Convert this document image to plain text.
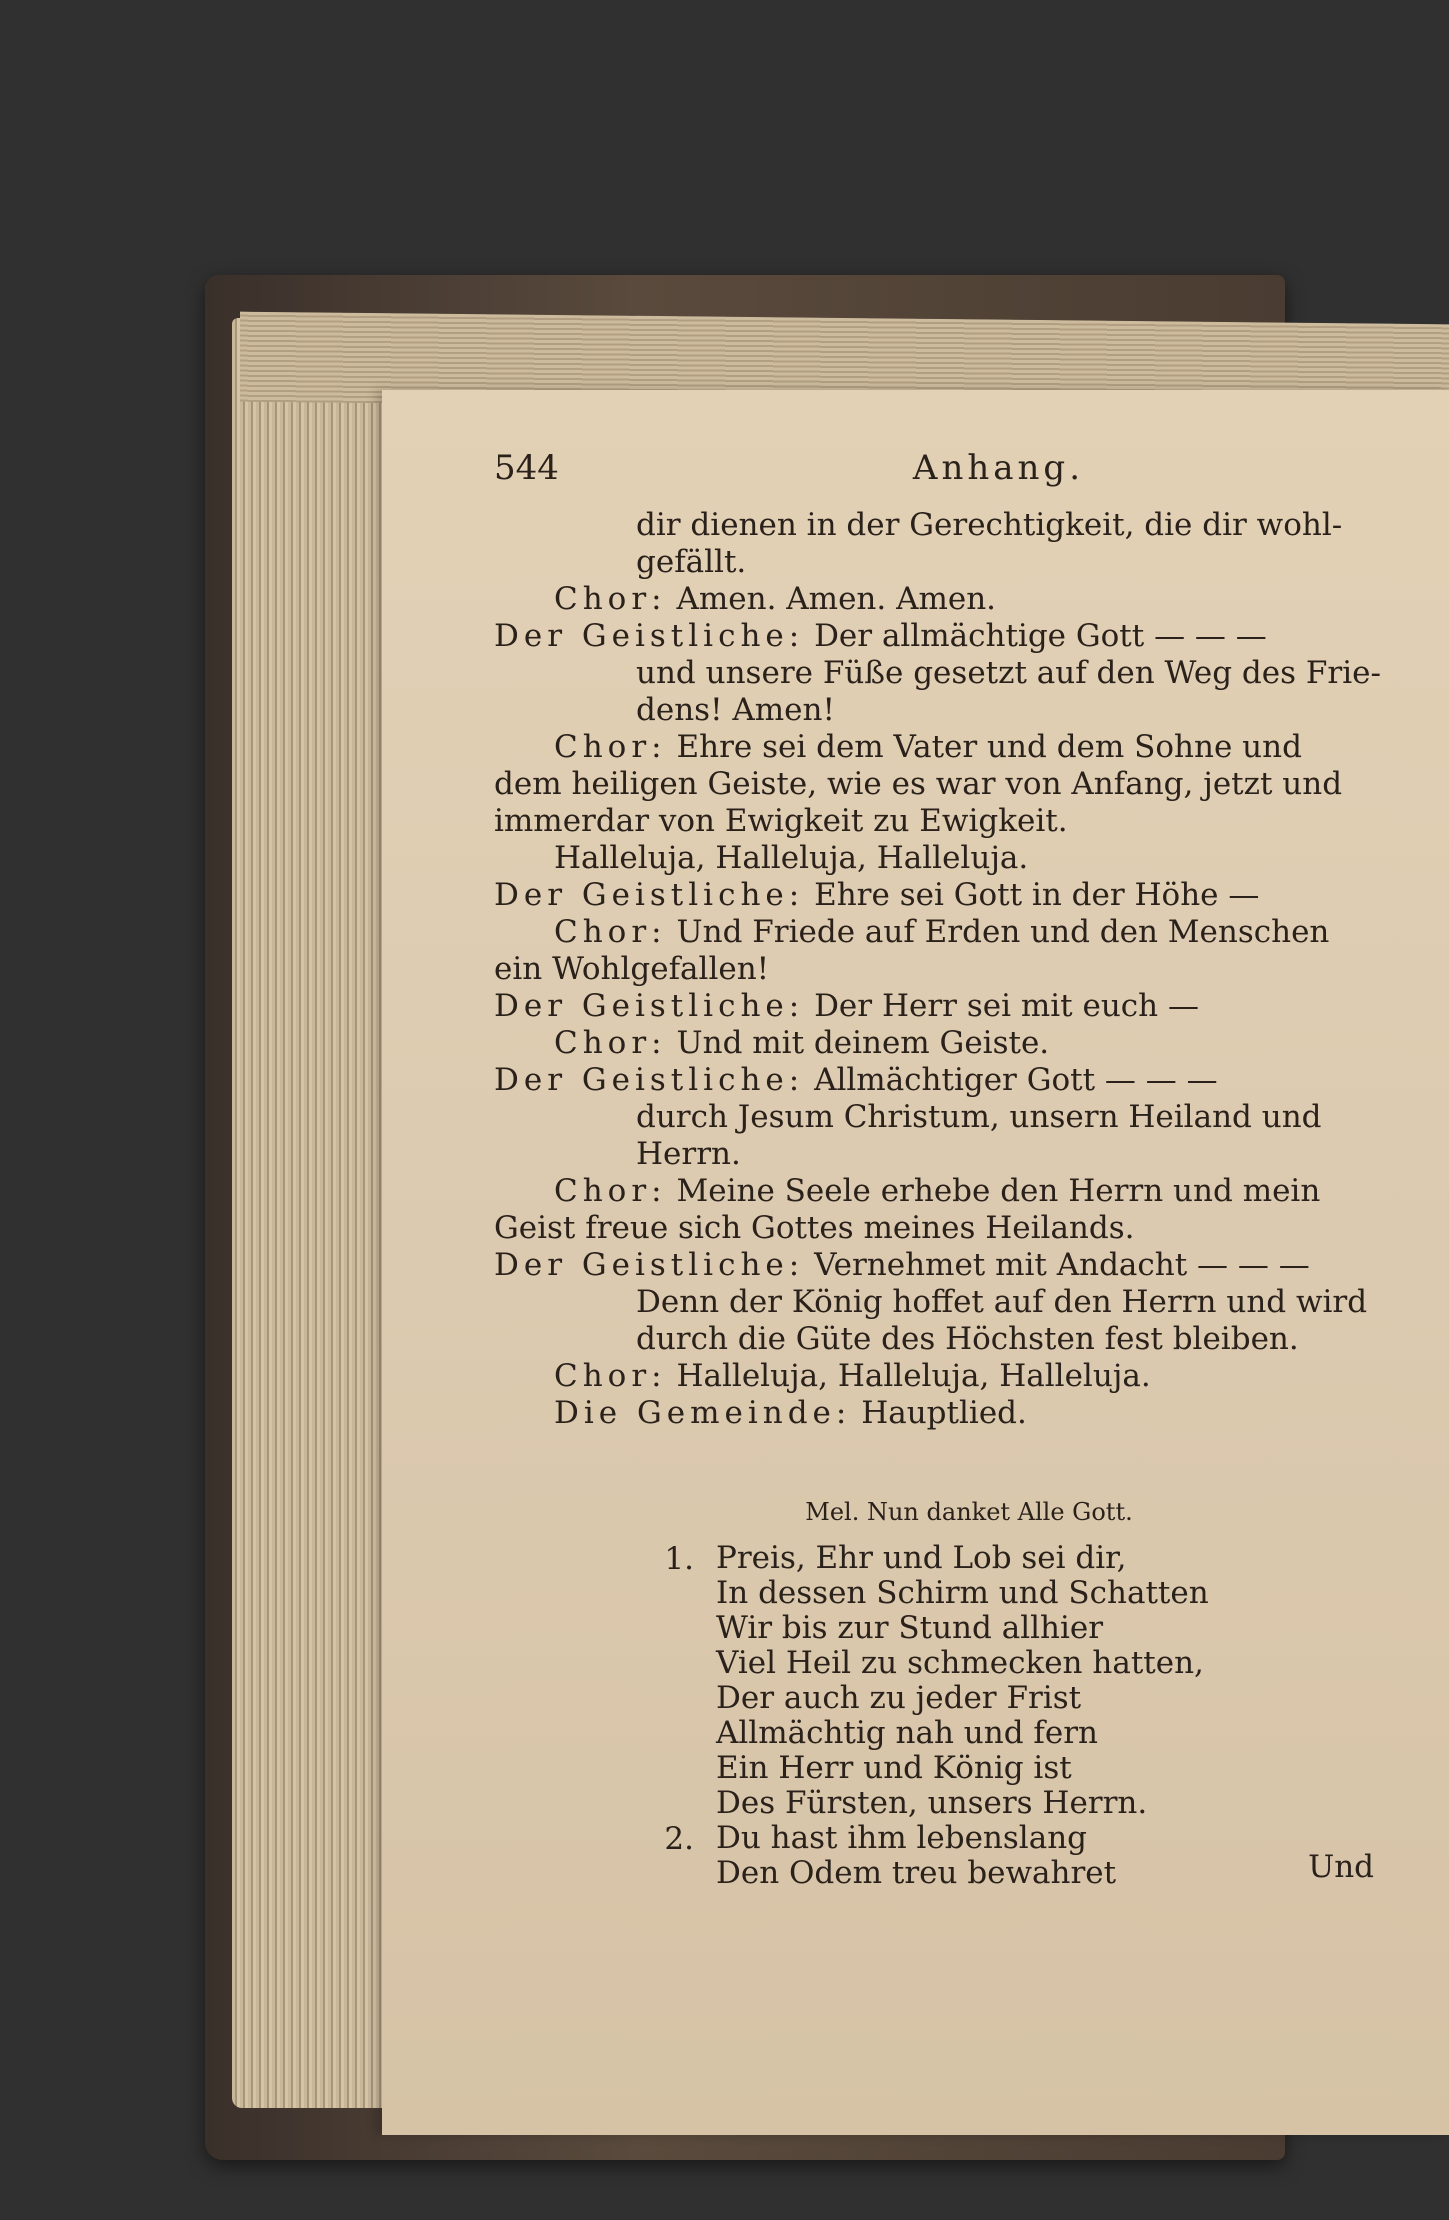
544	Anhang.
dir dienen in der Gerechtigkeit, die dir wohl-
gefällt.
Chor: Amen. Amen. Amen.
Der Geistliche: Der allmächtige Gott — — —
und unsere Füße gesetzt auf den Weg des Frie-
dens! Amen!
Chor: Ehre sei dem Vater und dem Sohne und
dem heiligen Geiste, wie es war von Anfang, jetzt und
immerdar von Ewigkeit zu Ewigkeit.
Halleluja, Halleluja, Halleluja.
Der Geistliche: Ehre sei Gott in der Höhe —
Chor: Und Friede auf Erden und den Menschen
ein Wohlgefallen!
Der Geistliche: Der Herr sei mit euch —
Chor: Und mit deinem Geiste.
Der Geistliche: Allmächtiger Gott — — —
durch Jesum Christum, unsern Heiland und
Herrn.
Chor: Meine Seele erhebe den Herrn und mein
Geist freue sich Gottes meines Heilands.
Der Geistliche: Vernehmet mit Andacht — — —
Denn der König hoffet auf den Herrn und wird
durch die Güte des Höchsten fest bleiben.
Chor: Halleluja, Halleluja, Halleluja.
Die Gemeinde: Hauptlied.
Mel. Nun danket Alle Gott.
1. Preis, Ehr und Lob sei dir,
In dessen Schirm und Schatten
Wir bis zur Stund allhier
Viel Heil zu schmecken hatten,
Der auch zu jeder Frist
Allmächtig nah und fern
Ein Herr und König ist
Des Fürsten, unsers Herrn.
2. Du hast ihm lebenslang
Den Odem treu bewahret	Und
